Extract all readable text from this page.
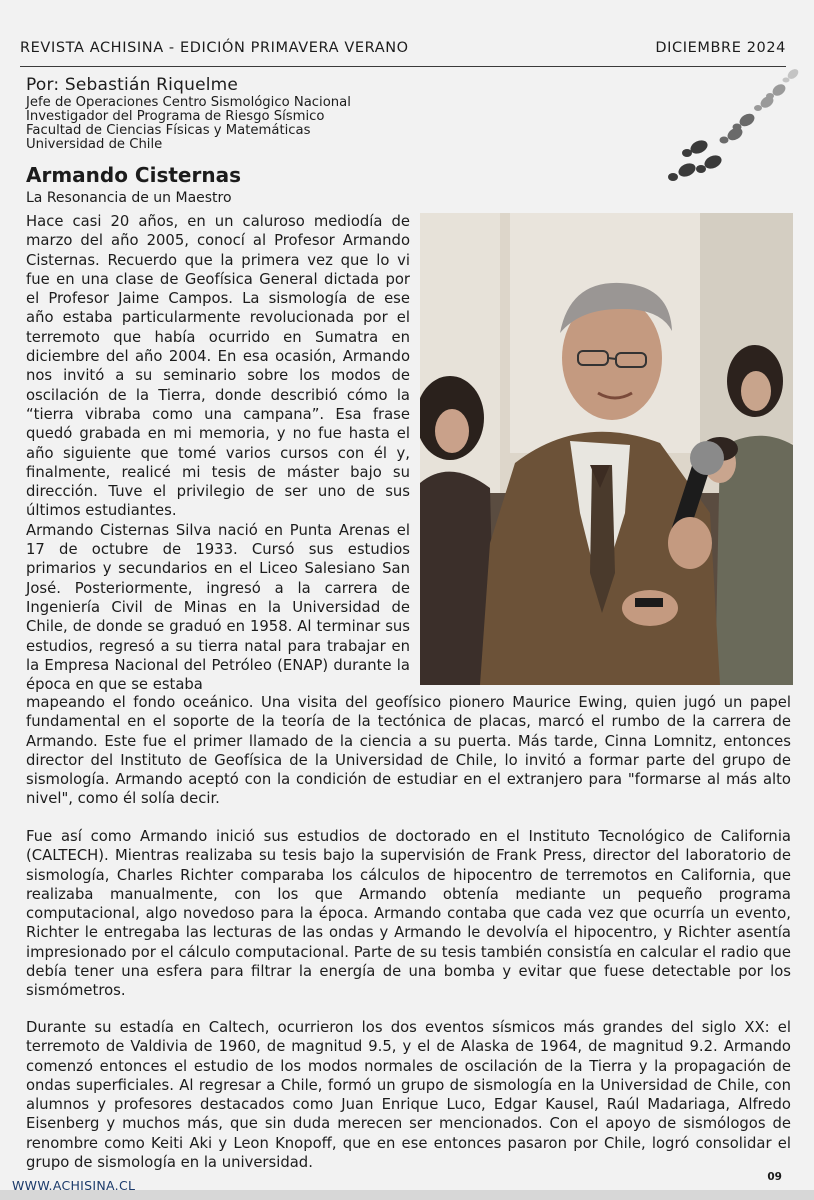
REVISTA ACHISINA - EDICIÓN PRIMAVERA VERANO	DICIEMBRE 2024
Por: Sebastián Riquelme
Jefe de Operaciones Centro Sismológico Nacional
Investigador del Programa de Riesgo Sísmico
Facultad de Ciencias Físicas y Matemáticas
Universidad de Chile
Armando Cisternas
La Resonancia de un Maestro

Hace casi 20 años, en un caluroso mediodía de marzo del año 2005, conocí al Profesor Armando Cisternas. Recuerdo que la primera vez que lo vi fue en una clase de Geofísica General dictada por el Profesor Jaime Campos. La sismología de ese año estaba particularmente revolucionada por el terremoto que había ocurrido en Sumatra en diciembre del año 2004. En esa ocasión, Armando nos invitó a su seminario sobre los modos de oscilación de la Tierra, donde describió cómo la “tierra vibraba como una campana”. Esa frase quedó grabada en mi memoria, y no fue hasta el año siguiente que tomé varios cursos con él y, finalmente, realicé mi tesis de máster bajo su dirección. Tuve el privilegio de ser uno de sus últimos estudiantes.

Armando Cisternas Silva nació en Punta Arenas el 17 de octubre de 1933. Cursó sus estudios primarios y secundarios en el Liceo Salesiano San José. Posteriormente, ingresó a la carrera de Ingeniería Civil de Minas en la Universidad de Chile, de donde se graduó en 1958. Al terminar sus estudios, regresó a su tierra natal para trabajar en la Empresa Nacional del Petróleo (ENAP) durante la época en que se estaba

mapeando el fondo oceánico. Una visita del geofísico pionero Maurice Ewing, quien jugó un papel fundamental en el soporte de la teoría de la tectónica de placas, marcó el rumbo de la carrera de Armando. Este fue el primer llamado de la ciencia a su puerta. Más tarde, Cinna Lomnitz, entonces director del Instituto de Geofísica de la Universidad de Chile, lo invitó a formar parte del grupo de sismología. Armando aceptó con la condición de estudiar en el extranjero para "formarse al más alto nivel", como él solía decir.

Fue así como Armando inició sus estudios de doctorado en el Instituto Tecnológico de California (CALTECH). Mientras realizaba su tesis bajo la supervisión de Frank Press, director del laboratorio de sismología, Charles Richter comparaba los cálculos de hipocentro de terremotos en California, que realizaba manualmente, con los que Armando obtenía mediante un pequeño programa computacional, algo novedoso para la época. Armando contaba que cada vez que ocurría un evento, Richter le entregaba las lecturas de las ondas y Armando le devolvía el hipocentro, y Richter asentía impresionado por el cálculo computacional. Parte de su tesis también consistía en calcular el radio que debía tener una esfera para filtrar la energía de una bomba y evitar que fuese detectable por los sismómetros.

Durante su estadía en Caltech, ocurrieron los dos eventos sísmicos más grandes del siglo XX: el terremoto de Valdivia de 1960, de magnitud 9.5, y el de Alaska de 1964, de magnitud 9.2. Armando comenzó entonces el estudio de los modos normales de oscilación de la Tierra y la propagación de ondas superficiales. Al regresar a Chile, formó un grupo de sismología en la Universidad de Chile, con alumnos y profesores destacados como Juan Enrique Luco, Edgar Kausel, Raúl Madariaga, Alfredo Eisenberg y muchos más, que sin duda merecen ser mencionados. Con el apoyo de sismólogos de renombre como Keiti Aki y Leon Knopoff, que en ese entonces pasaron por Chile, logró consolidar el grupo de sismología en la universidad.

WWW.ACHISINA.CL
09
